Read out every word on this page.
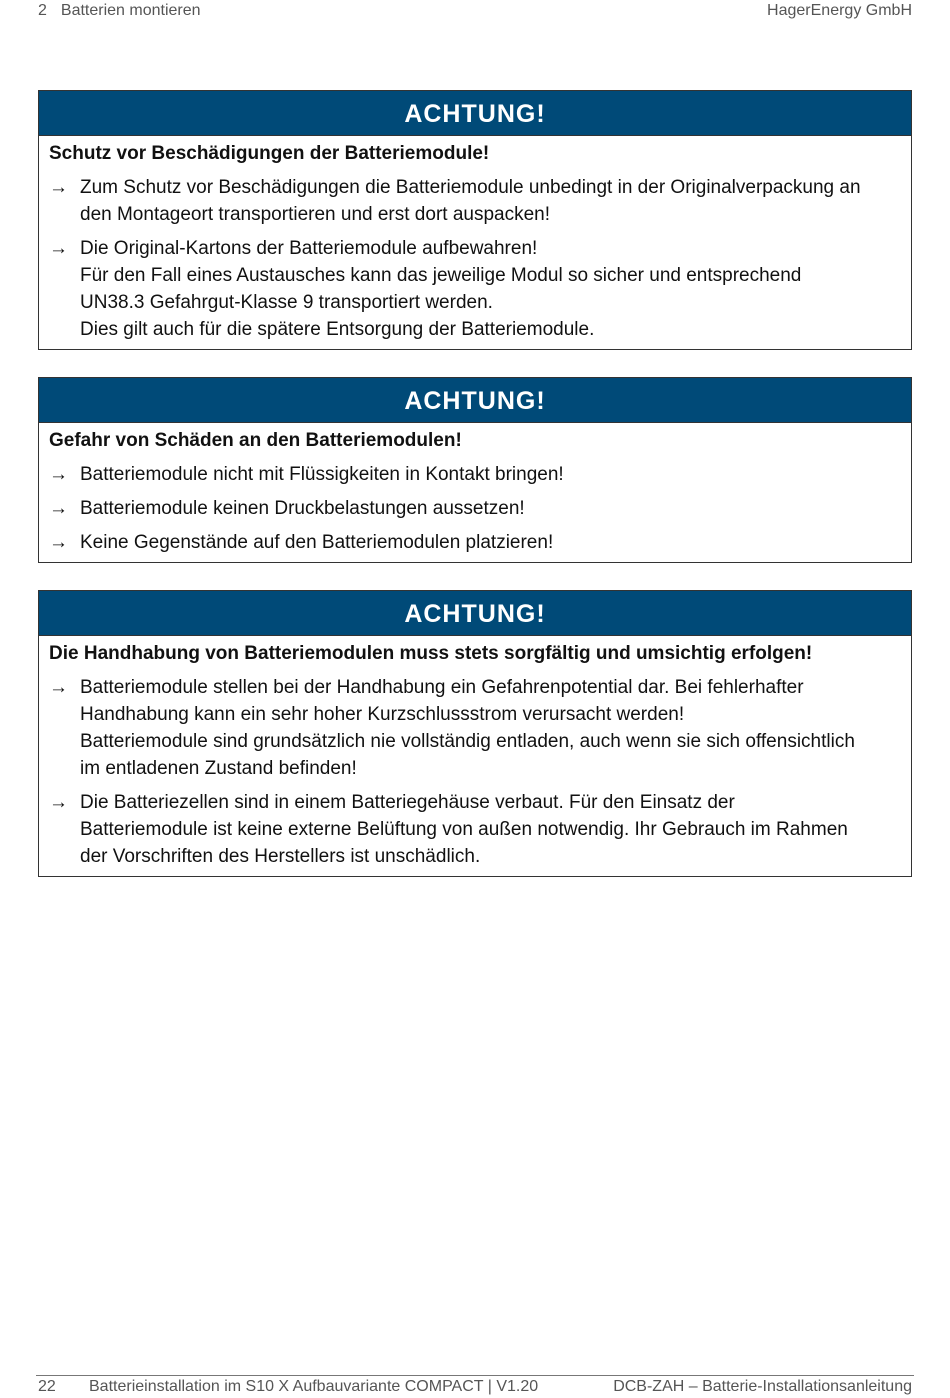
2 Batterien montieren	HagerEnergy GmbH
ACHTUNG!
Schutz vor Beschädigungen der Batteriemodule!
→ Zum Schutz vor Beschädigungen die Batteriemodule unbedingt in der Originalverpackung an
den Montageort transportieren und erst dort auspacken!
→ Die Original-Kartons der Batteriemodule aufbewahren!
Für den Fall eines Austausches kann das jeweilige Modul so sicher und entsprechend
UN38.3 Gefahrgut-Klasse 9 transportiert werden.
Dies gilt auch für die spätere Entsorgung der Batteriemodule.
ACHTUNG!
Gefahr von Schäden an den Batteriemodulen!
→ Batteriemodule nicht mit Flüssigkeiten in Kontakt bringen!
→ Batteriemodule keinen Druckbelastungen aussetzen!
→ Keine Gegenstände auf den Batteriemodulen platzieren!
ACHTUNG!
Die Handhabung von Batteriemodulen muss stets sorgfältig und umsichtig erfolgen!
→ Batteriemodule stellen bei der Handhabung ein Gefahrenpotential dar. Bei fehlerhafter
Handhabung kann ein sehr hoher Kurzschlussstrom verursacht werden!
Batteriemodule sind grundsätzlich nie vollständig entladen, auch wenn sie sich offensichtlich
im entladenen Zustand befinden!
→ Die Batteriezellen sind in einem Batteriegehäuse verbaut. Für den Einsatz der
Batteriemodule ist keine externe Belüftung von außen notwendig. Ihr Gebrauch im Rahmen
der Vorschriften des Herstellers ist unschädlich.
22 Batterieinstallation im S10 X Aufbauvariante COMPACT | V1.20	DCB-ZAH – Batterie-Installationsanleitung
